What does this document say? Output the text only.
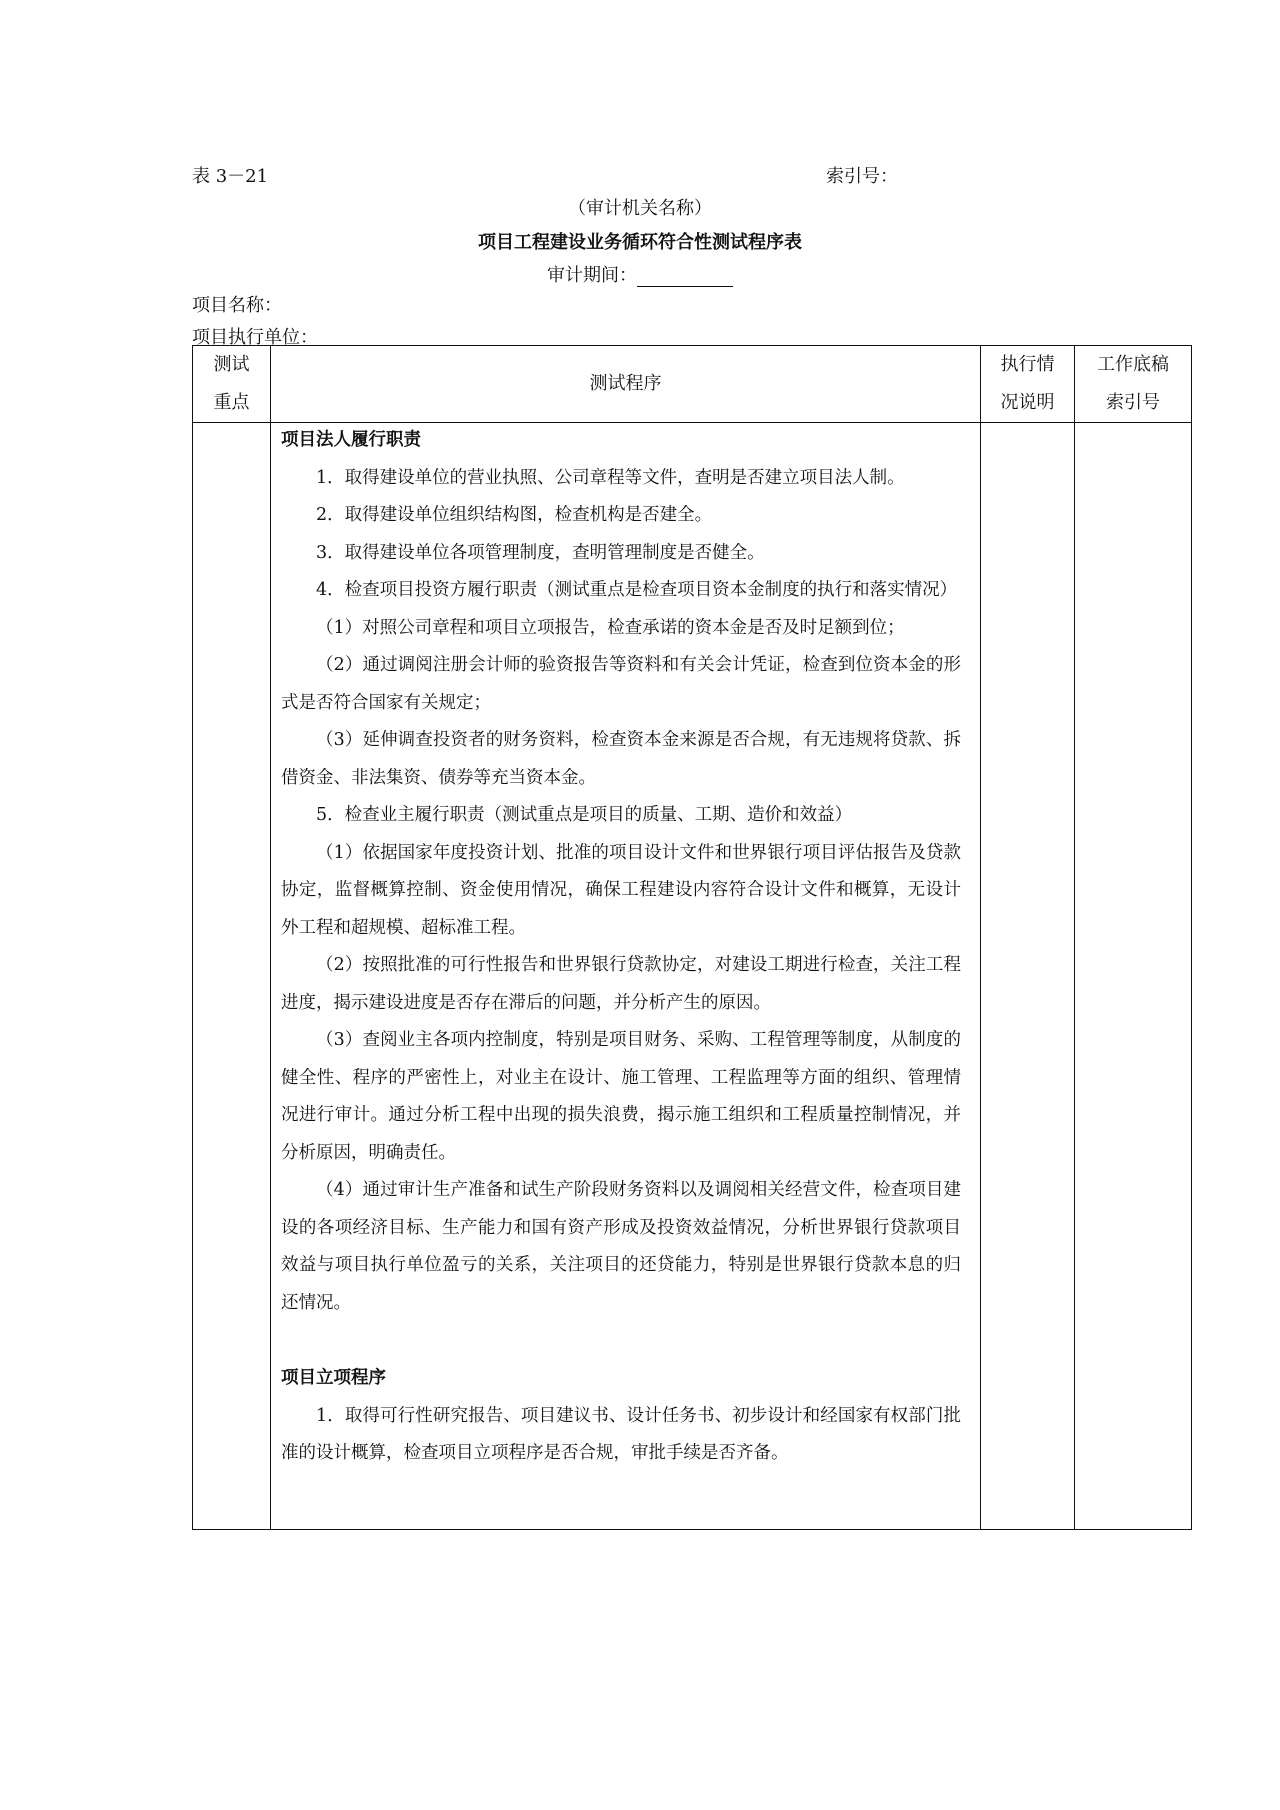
表 3－21	索引号：
（审计机关名称）
项目工程建设业务循环符合性测试程序表
审计期间：
项目名称：
项目执行单位：
测试
重点
测试程序
执行情
况说明
工作底稿
索引号

项目法人履行职责

1．取得建设单位的营业执照、公司章程等文件，查明是否建立项目法人制。

2．取得建设单位组织结构图，检查机构是否建全。

3．取得建设单位各项管理制度，查明管理制度是否健全。

4．检查项目投资方履行职责（测试重点是检查项目资本金制度的执行和落实情况）

（1）对照公司章程和项目立项报告，检查承诺的资本金是否及时足额到位；

（2）通过调阅注册会计师的验资报告等资料和有关会计凭证，检查到位资本金的形式是否符合国家有关规定；

（3）延伸调查投资者的财务资料，检查资本金来源是否合规，有无违规将贷款、拆借资金、非法集资、债券等充当资本金。

5．检查业主履行职责（测试重点是项目的质量、工期、造价和效益）

（1）依据国家年度投资计划、批准的项目设计文件和世界银行项目评估报告及贷款协定，监督概算控制、资金使用情况，确保工程建设内容符合设计文件和概算，无设计外工程和超规模、超标准工程。

（2）按照批准的可行性报告和世界银行贷款协定，对建设工期进行检查，关注工程进度，揭示建设进度是否存在滞后的问题，并分析产生的原因。

（3）查阅业主各项内控制度，特别是项目财务、采购、工程管理等制度，从制度的健全性、程序的严密性上，对业主在设计、施工管理、工程监理等方面的组织、管理情况进行审计。通过分析工程中出现的损失浪费，揭示施工组织和工程质量控制情况，并分析原因，明确责任。

（4）通过审计生产准备和试生产阶段财务资料以及调阅相关经营文件，检查项目建设的各项经济目标、生产能力和国有资产形成及投资效益情况，分析世界银行贷款项目效益与项目执行单位盈亏的关系，关注项目的还贷能力，特别是世界银行贷款本息的归还情况。

项目立项程序

1．取得可行性研究报告、项目建议书、设计任务书、初步设计和经国家有权部门批准的设计概算，检查项目立项程序是否合规，审批手续是否齐备。
